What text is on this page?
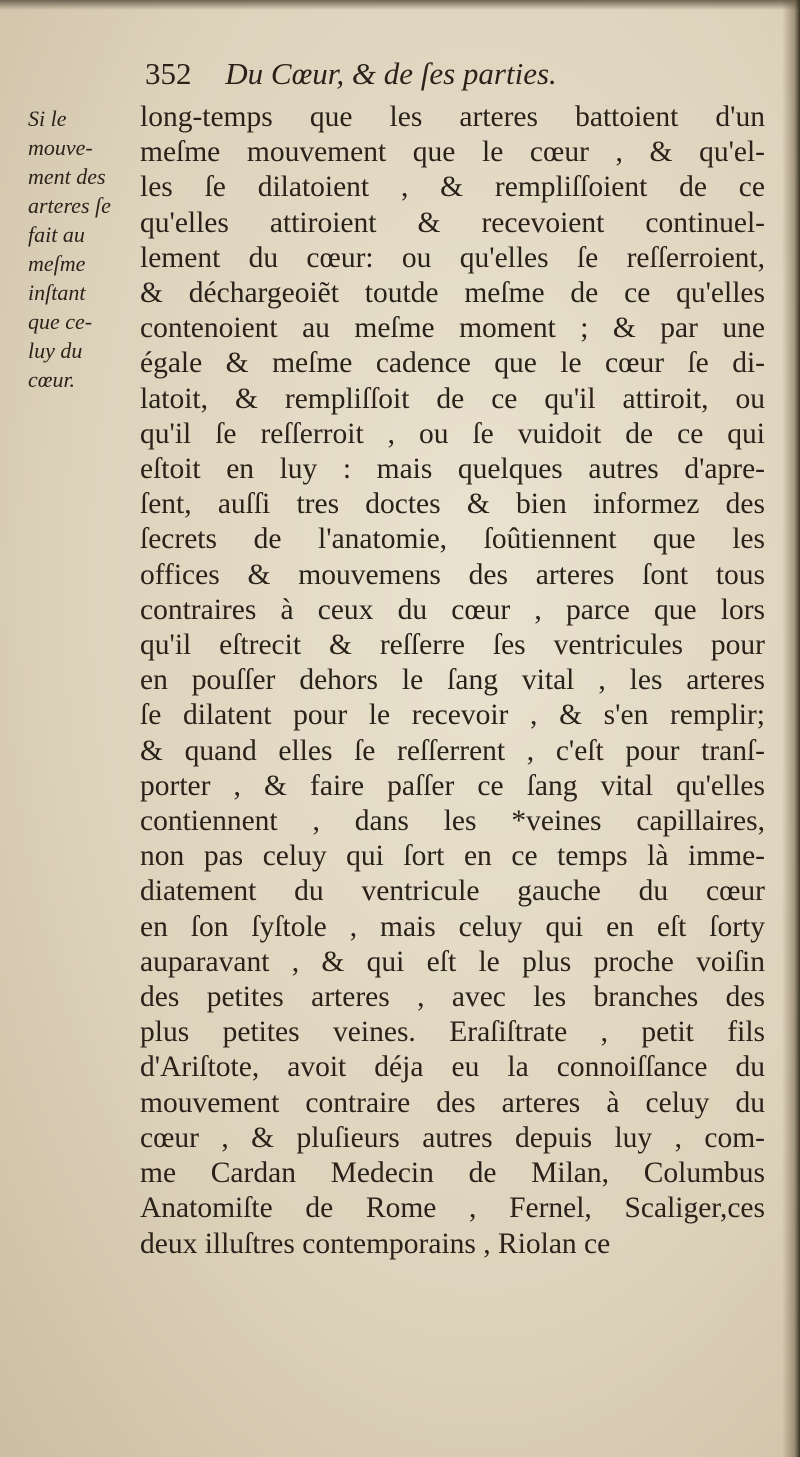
352 Du Cœur, & de ſes parties.
Si le
mouve-
ment des
arteres ſe
fait au
meſme
inſtant
que ce-
luy du
cœur.
long-temps que les arteres battoient d'un
meſme mouvement que le cœur , & qu'el-
les ſe dilatoient , & rempliſſoient de ce
qu'elles attiroient & recevoient continuel-
lement du cœur: ou qu'elles ſe reſſerroient,
& déchargeoiẽt toutde meſme de ce qu'elles
contenoient au meſme moment ; & par une
égale & meſme cadence que le cœur ſe di-
latoit, & rempliſſoit de ce qu'il attiroit, ou
qu'il ſe reſſerroit , ou ſe vuidoit de ce qui
eſtoit en luy : mais quelques autres d'apre-
ſent, auſſi tres doctes & bien informez des
ſecrets de l'anatomie, ſoûtiennent que les
offices & mouvemens des arteres ſont tous
contraires à ceux du cœur , parce que lors
qu'il eſtrecit & reſſerre ſes ventricules pour
en pouſſer dehors le ſang vital , les arteres
ſe dilatent pour le recevoir , & s'en remplir;
& quand elles ſe reſſerrent , c'eſt pour tranſ-
porter , & faire paſſer ce ſang vital qu'elles
contiennent , dans les *veines capillaires,
non pas celuy qui ſort en ce temps là imme-
diatement du ventricule gauche du cœur
en ſon ſyſtole , mais celuy qui en eſt ſorty
auparavant , & qui eſt le plus proche voiſin
des petites arteres , avec les branches des
plus petites veines. Eraſiſtrate , petit fils
d'Ariſtote, avoit déja eu la connoiſſance du
mouvement contraire des arteres à celuy du
cœur , & pluſieurs autres depuis luy , com-
me Cardan Medecin de Milan, Columbus
Anatomiſte de Rome , Fernel, Scaliger,ces
deux illuſtres contemporains , Riolan ce
